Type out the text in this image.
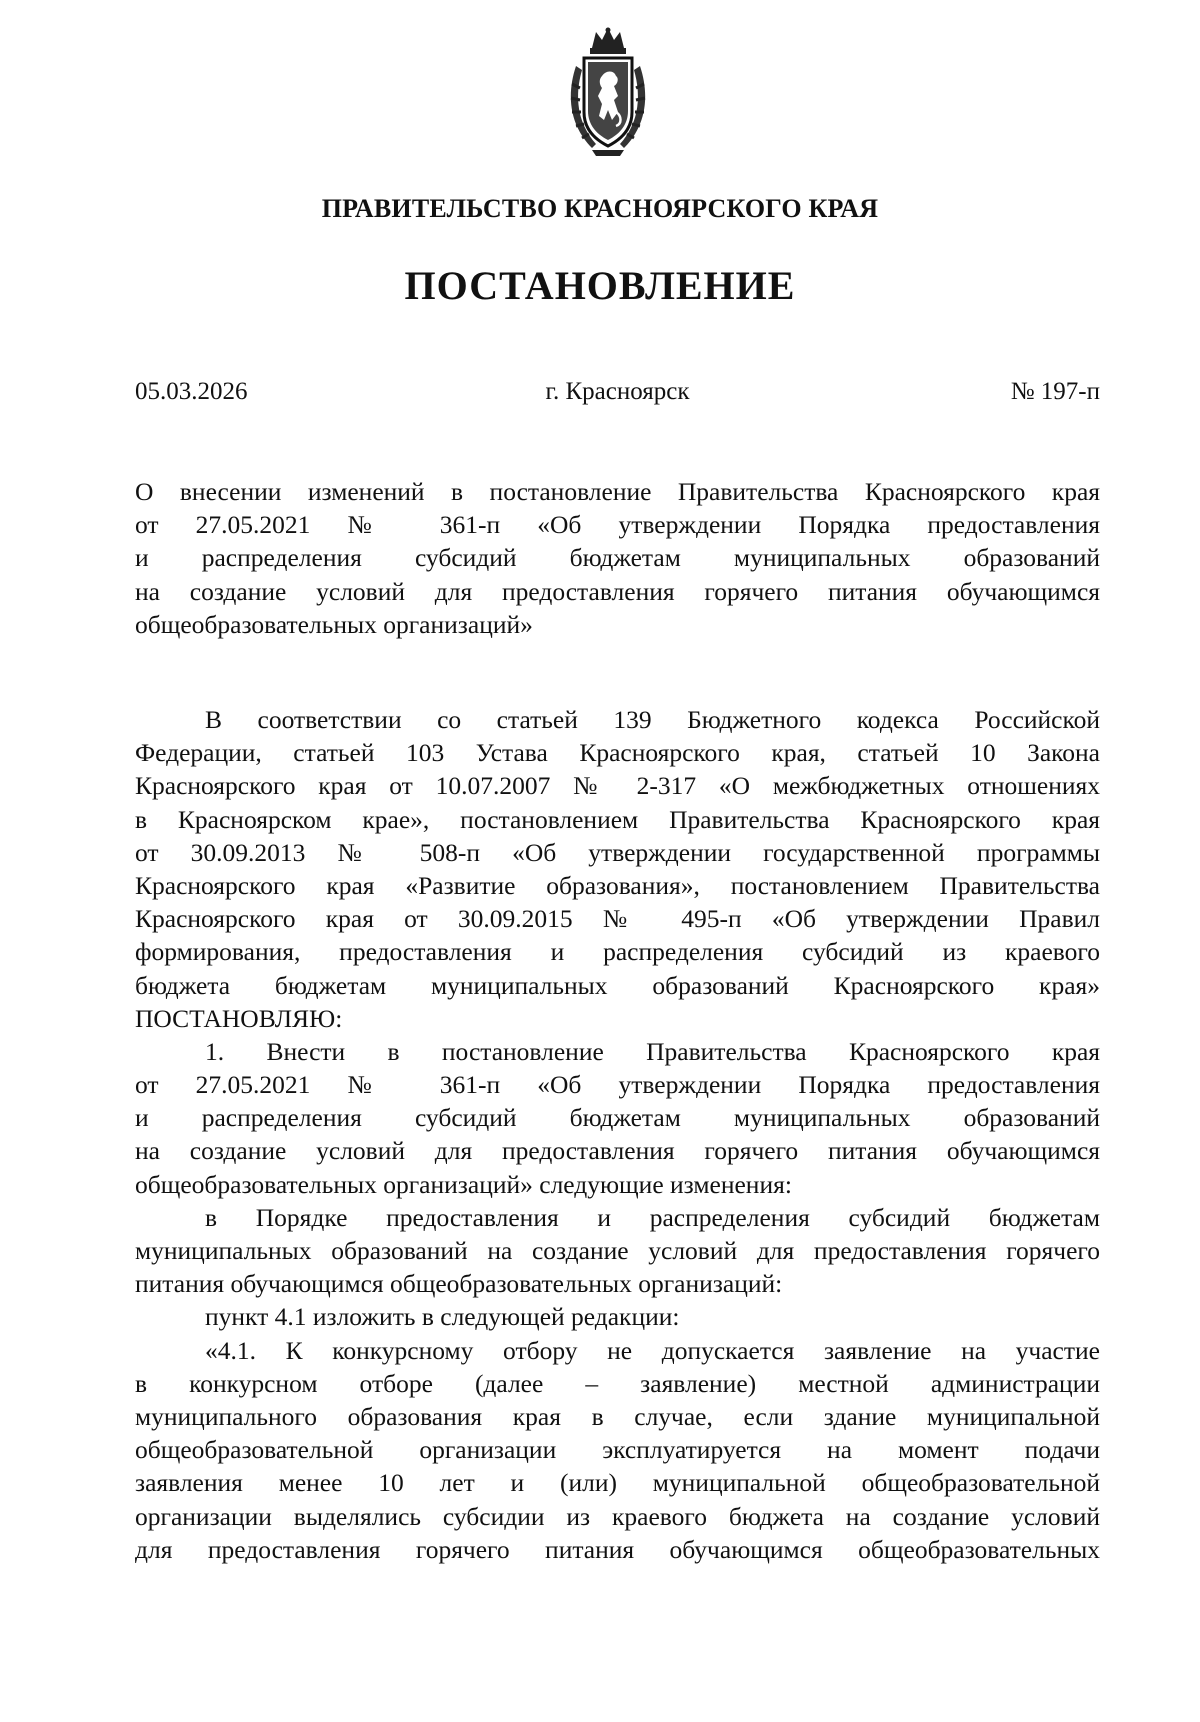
ПРАВИТЕЛЬСТВО КРАСНОЯРСКОГО КРАЯ
ПОСТАНОВЛЕНИЕ
г. Красноярск
05.03.2026	№ 197-п
О внесении изменений в постановление Правительства Красноярского края
от 27.05.2021 № 361-п «Об утверждении Порядка предоставления
и распределения субсидий бюджетам муниципальных образований
на создание условий для предоставления горячего питания обучающимся
общеобразовательных организаций»
В соответствии со статьей 139 Бюджетного кодекса Российской
Федерации, статьей 103 Устава Красноярского края, статьей 10 Закона
Красноярского края от 10.07.2007 № 2-317 «О межбюджетных отношениях
в Красноярском крае», постановлением Правительства Красноярского края
от 30.09.2013 № 508-п «Об утверждении государственной программы
Красноярского края «Развитие образования», постановлением Правительства
Красноярского края от 30.09.2015 № 495-п «Об утверждении Правил
формирования, предоставления и распределения субсидий из краевого
бюджета бюджетам муниципальных образований Красноярского края»
ПОСТАНОВЛЯЮ:
1. Внести в постановление Правительства Красноярского края
от 27.05.2021 № 361-п «Об утверждении Порядка предоставления
и распределения субсидий бюджетам муниципальных образований
на создание условий для предоставления горячего питания обучающимся
общеобразовательных организаций» следующие изменения:
в Порядке предоставления и распределения субсидий бюджетам
муниципальных образований на создание условий для предоставления горячего
питания обучающимся общеобразовательных организаций:
пункт 4.1 изложить в следующей редакции:
«4.1. К конкурсному отбору не допускается заявление на участие
в конкурсном отборе (далее – заявление) местной администрации
муниципального образования края в случае, если здание муниципальной
общеобразовательной организации эксплуатируется на момент подачи
заявления менее 10 лет и (или) муниципальной общеобразовательной
организации выделялись субсидии из краевого бюджета на создание условий
для предоставления горячего питания обучающимся общеобразовательных
